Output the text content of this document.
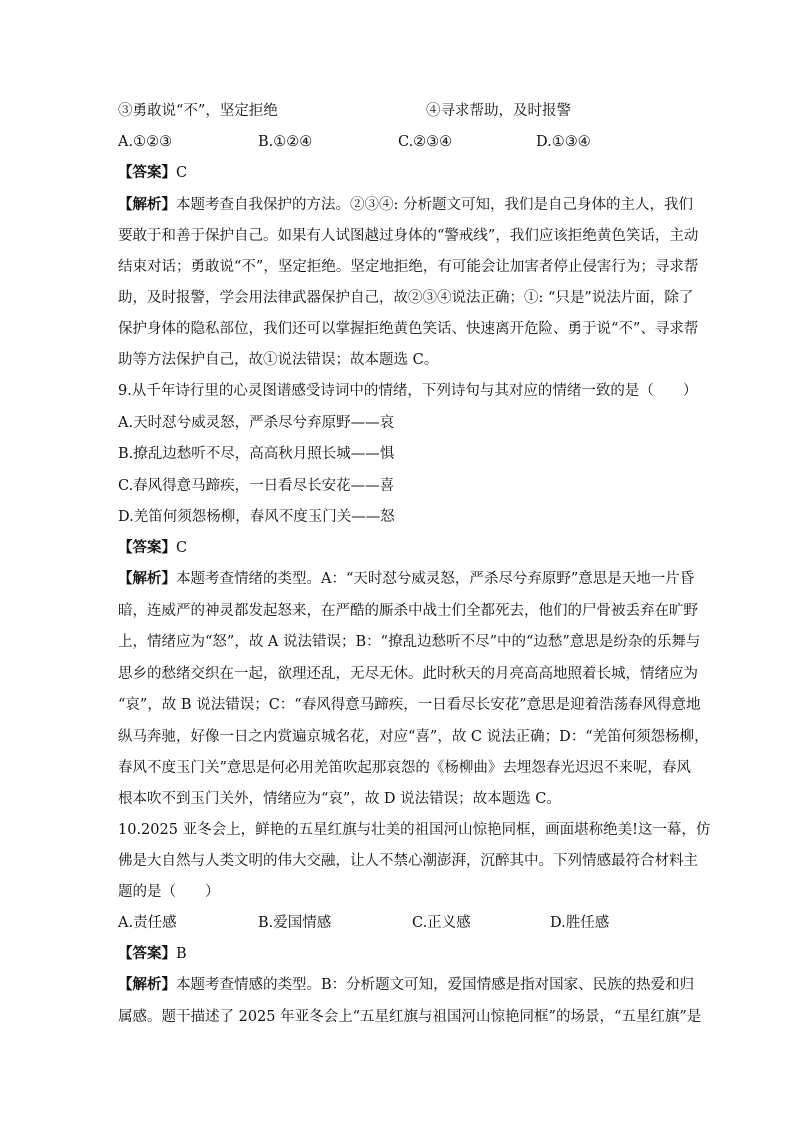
③勇敢说“不”，坚定拒绝	④寻求帮助，及时报警
A.①②③	B.①②④	C.②③④	D.①③④
【答案】C
【解析】本题考查自我保护的方法。②③④: 分析题文可知，我们是自己身体的主人，我们
要敢于和善于保护自己。如果有人试图越过身体的“警戒线”，我们应该拒绝黄色笑话，主动
结束对话；勇敢说“不”，坚定拒绝。坚定地拒绝，有可能会让加害者停止侵害行为；寻求帮
助，及时报警，学会用法律武器保护自己，故②③④说法正确；①: “只是”说法片面，除了
保护身体的隐私部位，我们还可以掌握拒绝黄色笑话、快速离开危险、勇于说“不”、寻求帮
助等方法保护自己，故①说法错误；故本题选 C。
9.从千年诗行里的心灵图谱感受诗词中的情绪，下列诗句与其对应的情绪一致的是（　　）
A.天时怼兮威灵怒，严杀尽兮弃原野——哀
B.撩乱边愁听不尽，高高秋月照长城——惧
C.春风得意马蹄疾，一日看尽长安花——喜
D.羌笛何须怨杨柳，春风不度玉门关——怒
【答案】C
【解析】本题考查情绪的类型。A：“天时怼兮威灵怒，严杀尽兮弃原野”意思是天地一片昏
暗，连威严的神灵都发起怒来，在严酷的厮杀中战士们全都死去，他们的尸骨被丢弃在旷野
上，情绪应为“怒”，故 A 说法错误；B：“撩乱边愁听不尽”中的“边愁”意思是纷杂的乐舞与
思乡的愁绪交织在一起，欲理还乱，无尽无休。此时秋天的月亮高高地照着长城，情绪应为
“哀”，故 B 说法错误；C：“春风得意马蹄疾，一日看尽长安花”意思是迎着浩荡春风得意地
纵马奔驰，好像一日之内赏遍京城名花，对应“喜”，故 C 说法正确；D：“羌笛何须怨杨柳，
春风不度玉门关”意思是何必用羌笛吹起那哀怨的《杨柳曲》去埋怨春光迟迟不来呢，春风
根本吹不到玉门关外，情绪应为“哀”，故 D 说法错误；故本题选 C。
10.2025 亚冬会上，鲜艳的五星红旗与壮美的祖国河山惊艳同框，画面堪称绝美!这一幕，仿
佛是大自然与人类文明的伟大交融，让人不禁心潮澎湃，沉醉其中。下列情感最符合材料主
题的是（　　）
A.责任感	B.爱国情感	C.正义感	D.胜任感
【答案】B
【解析】本题考查情感的类型。B：分析题文可知，爱国情感是指对国家、民族的热爱和归
属感。题干描述了 2025 年亚冬会上“五星红旗与祖国河山惊艳同框”的场景，“五星红旗”是
